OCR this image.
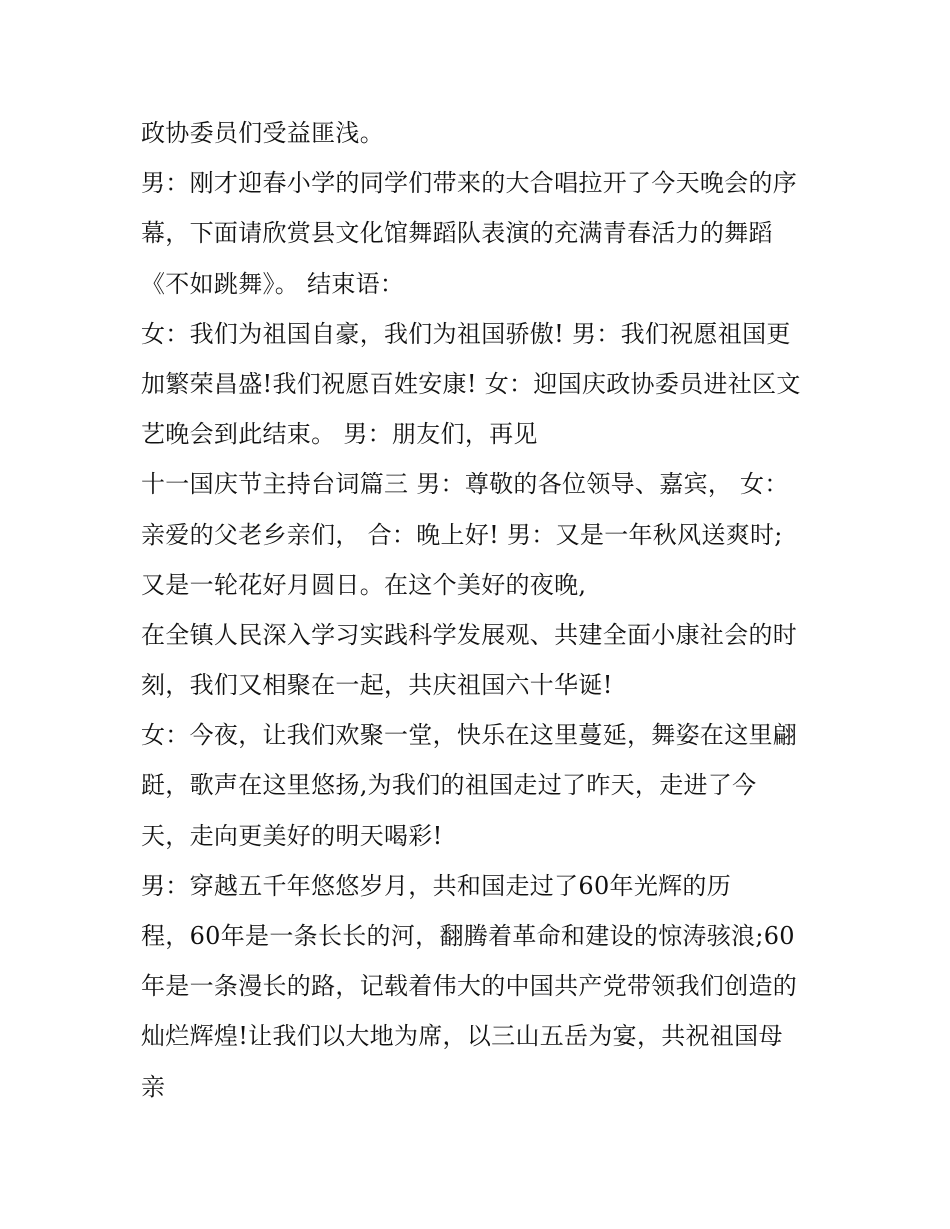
政协委员们受益匪浅。
男：刚才迎春小学的同学们带来的大合唱拉开了今天晚会的序
幕，下面请欣赏县文化馆舞蹈队表演的充满青春活力的舞蹈
《不如跳舞》。 结束语：
女：我们为祖国自豪，我们为祖国骄傲! 男：我们祝愿祖国更
加繁荣昌盛!我们祝愿百姓安康! 女：迎国庆政协委员进社区文
艺晚会到此结束。 男：朋友们，再见
十一国庆节主持台词篇三 男：尊敬的各位领导、嘉宾， 女：
亲爱的父老乡亲们， 合：晚上好! 男：又是一年秋风送爽时;
又是一轮花好月圆日。在这个美好的夜晚,
在全镇人民深入学习实践科学发展观、共建全面小康社会的时
刻，我们又相聚在一起，共庆祖国六十华诞!
女：今夜，让我们欢聚一堂，快乐在这里蔓延，舞姿在这里翩
跹，歌声在这里悠扬,为我们的祖国走过了昨天，走进了今
天，走向更美好的明天喝彩!
男：穿越五千年悠悠岁月，共和国走过了60年光辉的历
程，60年是一条长长的河，翻腾着革命和建设的惊涛骇浪;60
年是一条漫长的路，记载着伟大的中国共产党带领我们创造的
灿烂辉煌!让我们以大地为席，以三山五岳为宴，共祝祖国母
亲
